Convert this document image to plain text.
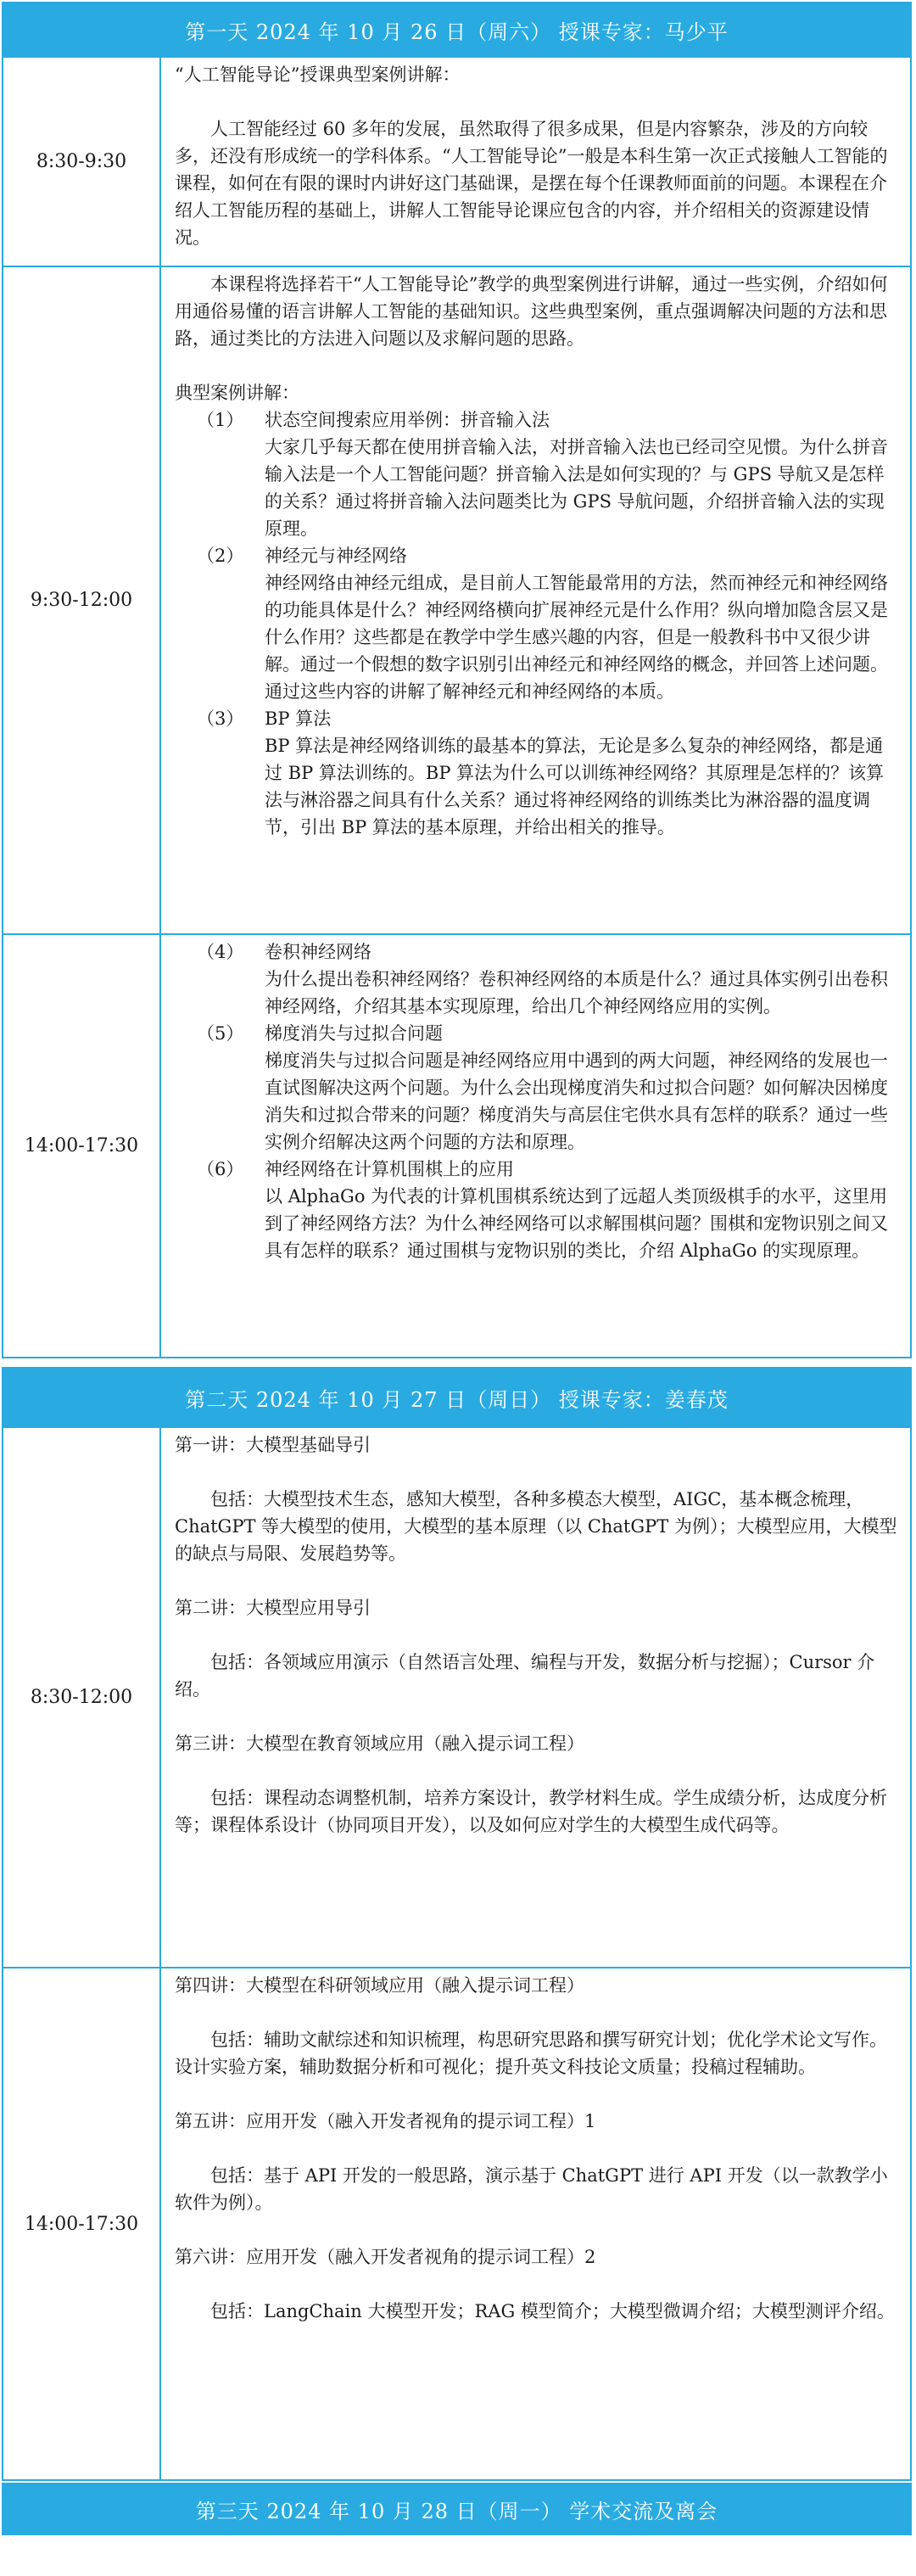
第一天 2024 年 10 月 26 日（周六） 授课专家：马少平
8:30-9:30

“人工智能导论”授课典型案例讲解：

人工智能经过 60 多年的发展，虽然取得了很多成果，但是内容繁杂，涉及的方向较多，还没有形成统一的学科体系。“人工智能导论”一般是本科生第一次正式接触人工智能的课程，如何在有限的课时内讲好这门基础课，是摆在每个任课教师面前的问题。本课程在介绍人工智能历程的基础上，讲解人工智能导论课应包含的内容，并介绍相关的资源建设情况。

9:30-12:00

本课程将选择若干“人工智能导论”教学的典型案例进行讲解，通过一些实例，介绍如何用通俗易懂的语言讲解人工智能的基础知识。这些典型案例，重点强调解决问题的方法和思路，通过类比的方法进入问题以及求解问题的思路。

典型案例讲解：

（1）	状态空间搜索应用举例：拼音输入法

大家几乎每天都在使用拼音输入法，对拼音输入法也已经司空见惯。为什么拼音输入法是一个人工智能问题？拼音输入法是如何实现的？与 GPS 导航又是怎样的关系？通过将拼音输入法问题类比为 GPS 导航问题，介绍拼音输入法的实现原理。

（2）	神经元与神经网络

神经网络由神经元组成，是目前人工智能最常用的方法，然而神经元和神经网络的功能具体是什么？神经网络横向扩展神经元是什么作用？纵向增加隐含层又是什么作用？这些都是在教学中学生感兴趣的内容，但是一般教科书中又很少讲解。通过一个假想的数字识别引出神经元和神经网络的概念，并回答上述问题。通过这些内容的讲解了解神经元和神经网络的本质。

（3）	BP 算法

BP 算法是神经网络训练的最基本的算法，无论是多么复杂的神经网络，都是通过 BP 算法训练的。BP 算法为什么可以训练神经网络？其原理是怎样的？该算法与淋浴器之间具有什么关系？通过将神经网络的训练类比为淋浴器的温度调节，引出 BP 算法的基本原理，并给出相关的推导。

14:00-17:30
（4）	卷积神经网络

为什么提出卷积神经网络？卷积神经网络的本质是什么？通过具体实例引出卷积神经网络，介绍其基本实现原理，给出几个神经网络应用的实例。

（5）	梯度消失与过拟合问题

梯度消失与过拟合问题是神经网络应用中遇到的两大问题，神经网络的发展也一直试图解决这两个问题。为什么会出现梯度消失和过拟合问题？如何解决因梯度消失和过拟合带来的问题？梯度消失与高层住宅供水具有怎样的联系？通过一些实例介绍解决这两个问题的方法和原理。

（6）	神经网络在计算机围棋上的应用

以 AlphaGo 为代表的计算机围棋系统达到了远超人类顶级棋手的水平，这里用到了神经网络方法？为什么神经网络可以求解围棋问题？围棋和宠物识别之间又具有怎样的联系？通过围棋与宠物识别的类比，介绍 AlphaGo 的实现原理。

第二天 2024 年 10 月 27 日（周日） 授课专家：姜春茂
8:30-12:00

第一讲：大模型基础导引

包括：大模型技术生态，感知大模型，各种多模态大模型，AIGC，基本概念梳理，ChatGPT 等大模型的使用，大模型的基本原理（以 ChatGPT 为例）；大模型应用，大模型的缺点与局限、发展趋势等。

第二讲：大模型应用导引

包括：各领域应用演示（自然语言处理、编程与开发，数据分析与挖掘）；Cursor 介绍。

第三讲：大模型在教育领域应用（融入提示词工程）

包括：课程动态调整机制，培养方案设计，教学材料生成。学生成绩分析，达成度分析等；课程体系设计（协同项目开发），以及如何应对学生的大模型生成代码等。

14:00-17:30

第四讲：大模型在科研领域应用（融入提示词工程）

包括：辅助文献综述和知识梳理，构思研究思路和撰写研究计划；优化学术论文写作。设计实验方案，辅助数据分析和可视化；提升英文科技论文质量；投稿过程辅助。

第五讲：应用开发（融入开发者视角的提示词工程）1

包括：基于 API 开发的一般思路，演示基于 ChatGPT 进行 API 开发（以一款教学小软件为例）。

第六讲：应用开发（融入开发者视角的提示词工程）2

包括：LangChain 大模型开发；RAG 模型简介；大模型微调介绍；大模型测评介绍。

第三天 2024 年 10 月 28 日（周一） 学术交流及离会
